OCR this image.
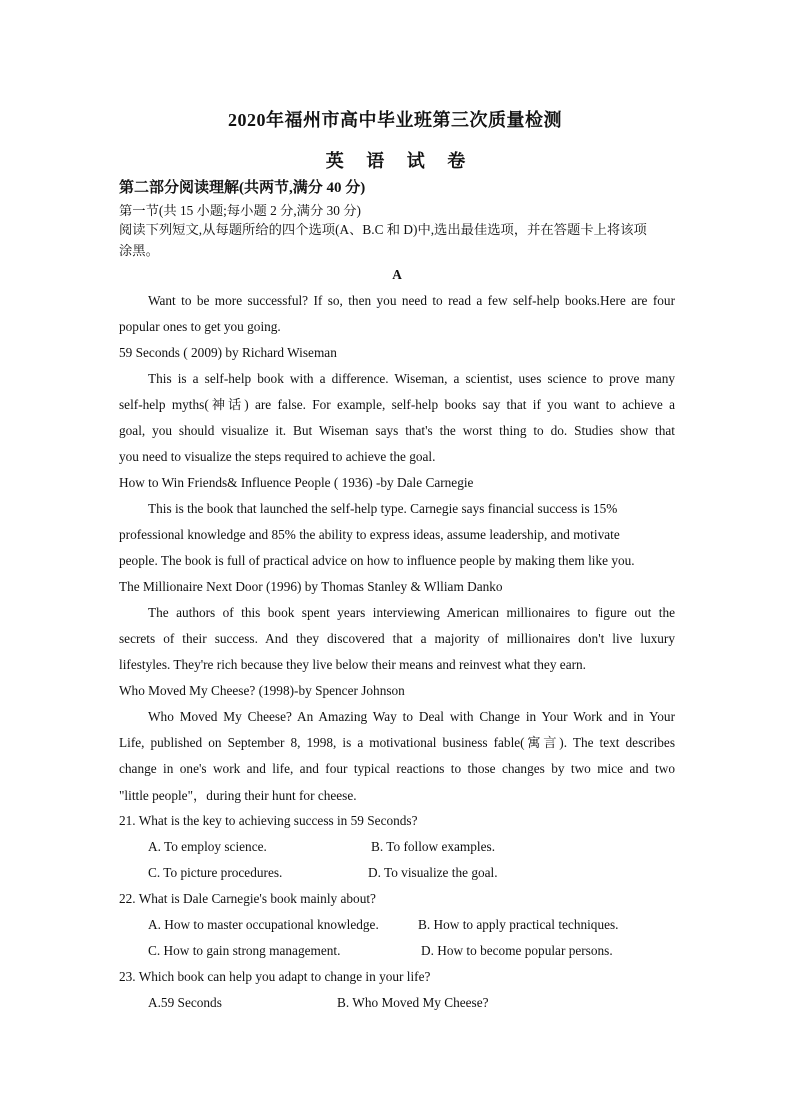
2020年福州市高中毕业班第三次质量检测
英 语 试 卷
第二部分阅读理解(共两节,满分 40 分)
第一节(共 15 小题;每小题 2 分,满分 30 分)
阅读下列短文,从每题所给的四个选项(A、B.C 和 D)中,选出最佳选项，并在答题卡上将该项
涂黑。
A
Want to be more successful? If so, then you need to read a few self-help books.Here are four
popular ones to get you going.
59 Seconds ( 2009) by Richard Wiseman
This is a self-help book with a difference. Wiseman, a scientist, uses science to prove many
self-help myths(神话) are false. For example, self-help books say that if you want to achieve a
goal, you should visualize it. But Wiseman says that's the worst thing to do. Studies show that
you need to visualize the steps required to achieve the goal.
How to Win Friends& Influence People ( 1936) -by Dale Carnegie
This is the book that launched the self-help type. Carnegie says financial success is 15%
professional knowledge and 85% the ability to express ideas, assume leadership, and motivate
people. The book is full of practical advice on how to influence people by making them like you.
The Millionaire Next Door (1996) by Thomas Stanley & Wlliam Danko
The authors of this book spent years interviewing American millionaires to figure out the
secrets of their success. And they discovered that a majority of millionaires don't live luxury
lifestyles. They're rich because they live below their means and reinvest what they earn.
Who Moved My Cheese? (1998)-by Spencer Johnson
Who Moved My Cheese? An Amazing Way to Deal with Change in Your Work and in Your
Life, published on September 8, 1998, is a motivational business fable(寓言). The text describes
change in one's work and life, and four typical reactions to those changes by two mice and two
"little people"，during their hunt for cheese.
21. What is the key to achieving success in 59 Seconds?
A. To employ science.	B. To follow examples.
C. To picture procedures.	D. To visualize the goal.
22. What is Dale Carnegie's book mainly about?
A. How to master occupational knowledge.	B. How to apply practical techniques.
C. How to gain strong management.	D. How to become popular persons.
23. Which book can help you adapt to change in your life?
A.59 Seconds	B. Who Moved My Cheese?
